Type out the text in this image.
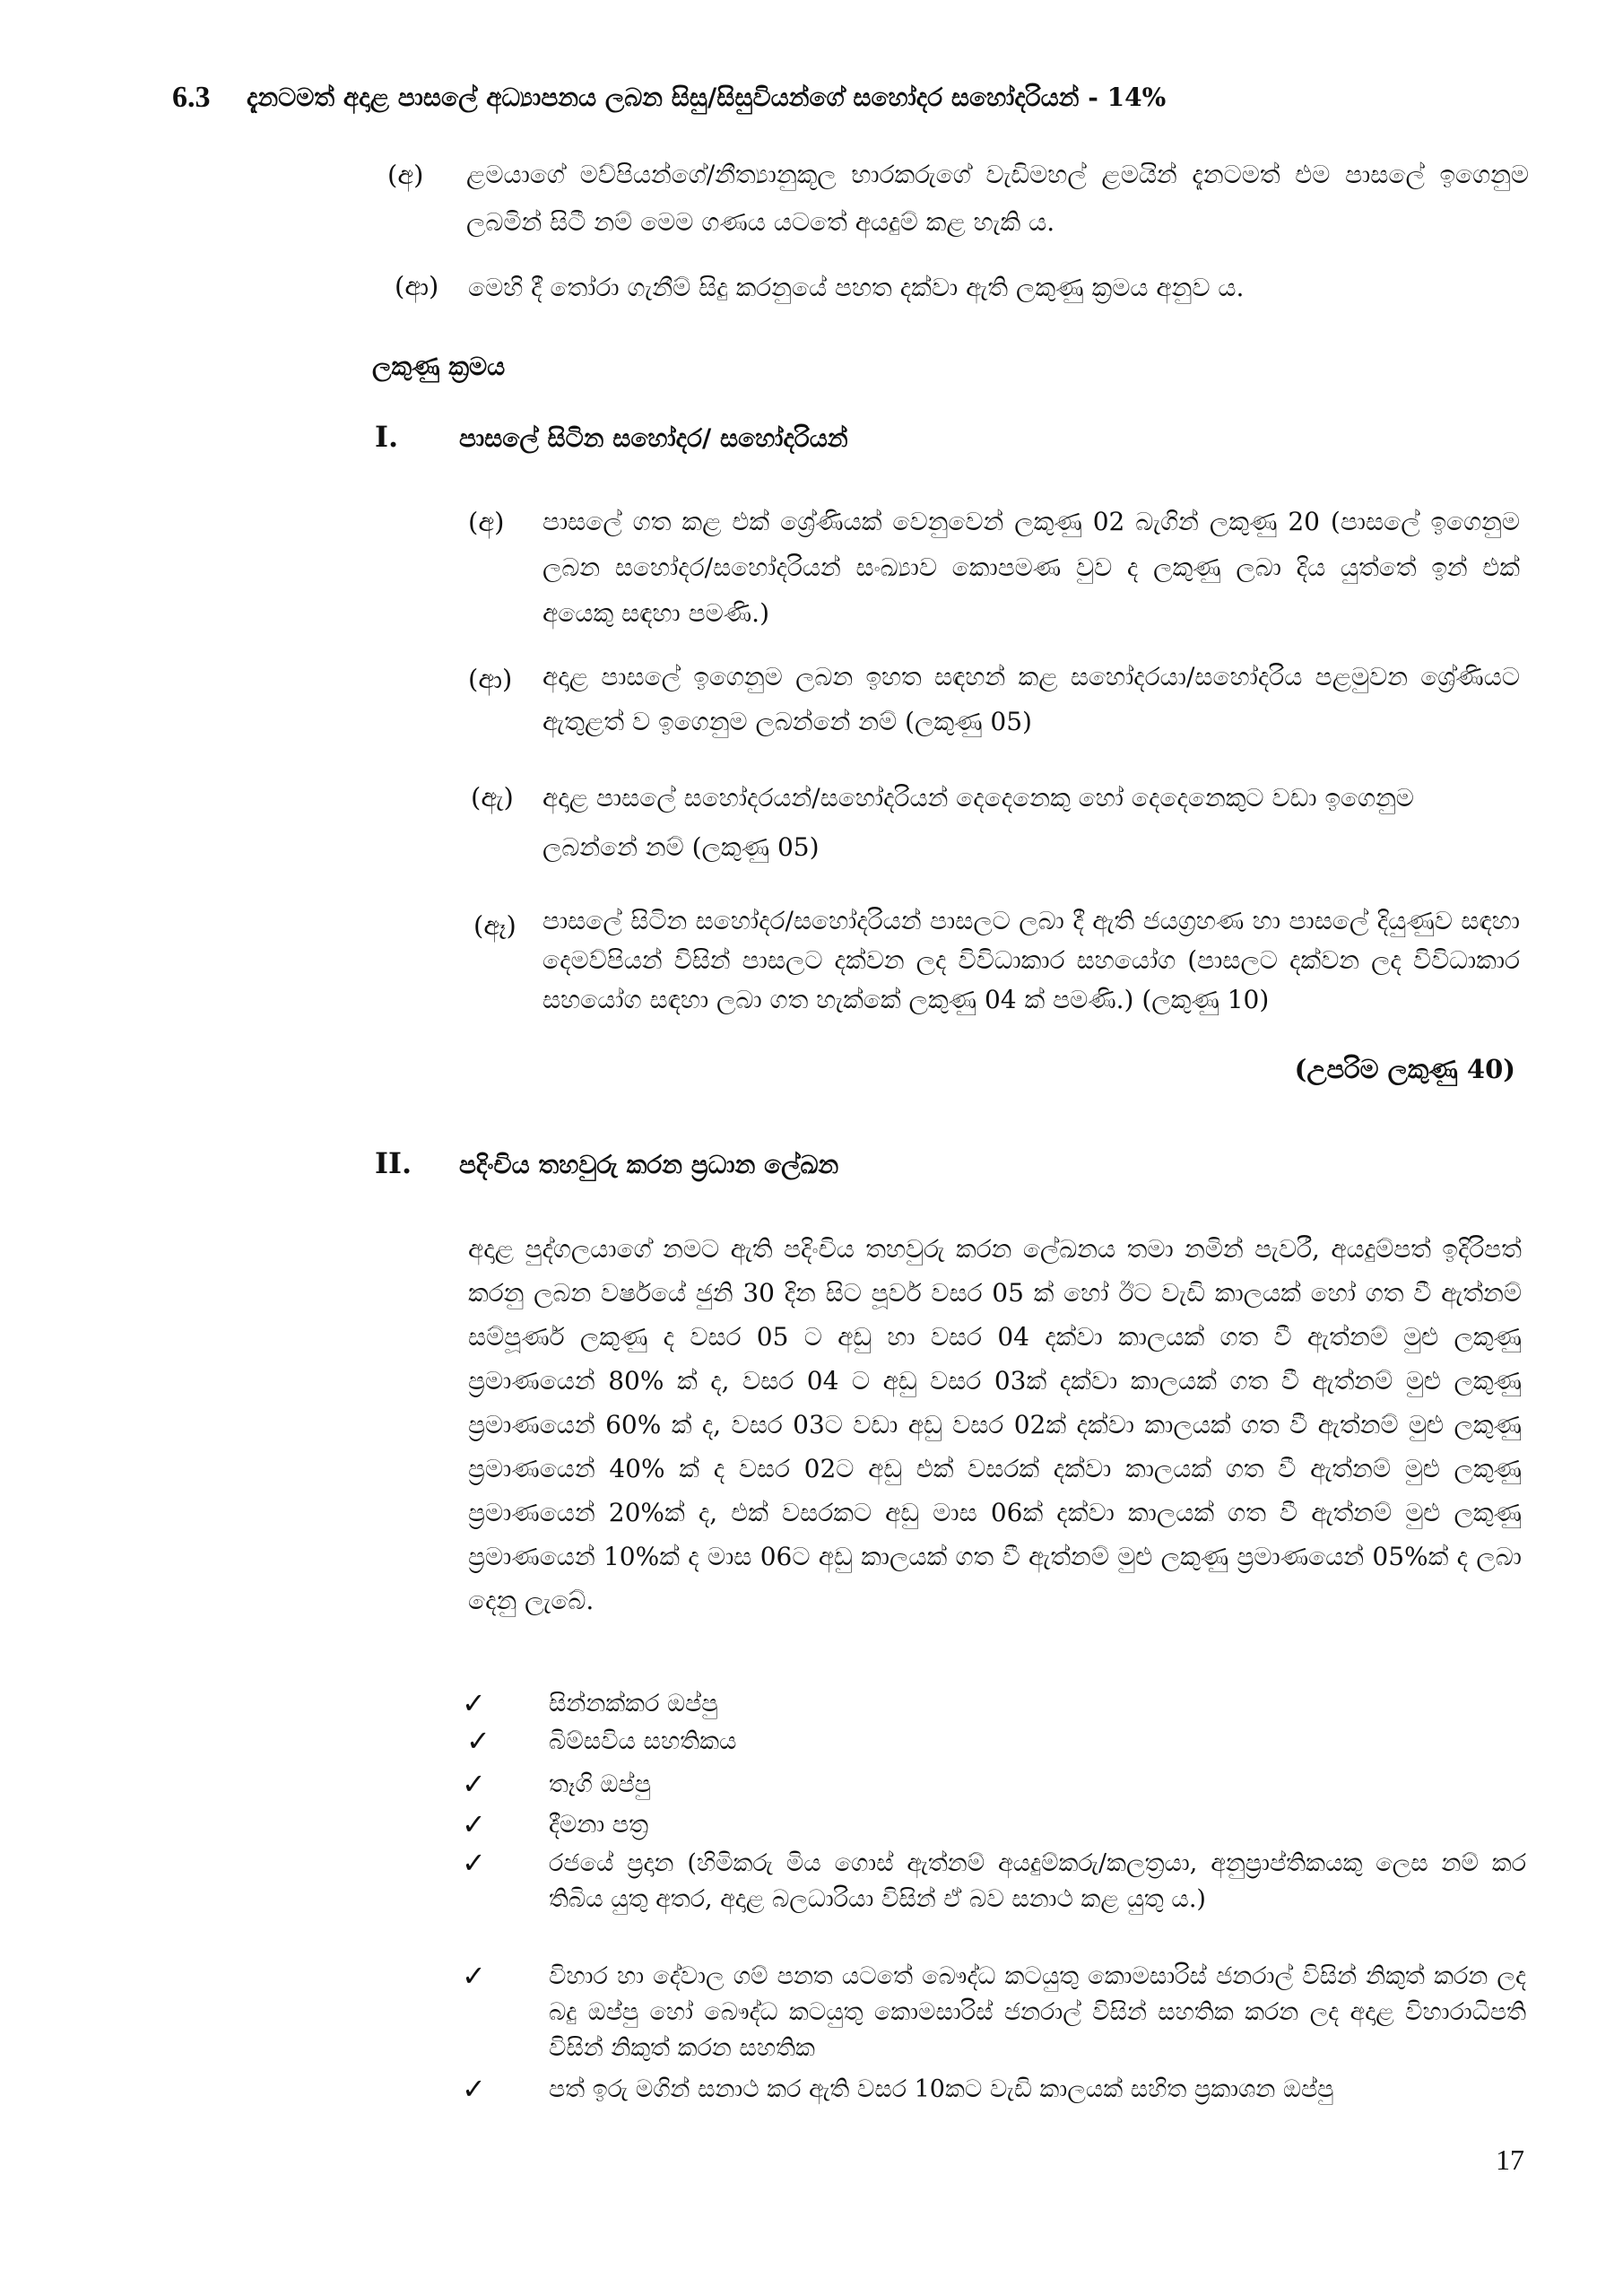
6.3 දැනටමත් අදාළ පාසලේ අධ්‍යාපනය ලබන සිසු/සිසුවියන්ගේ සහෝදර සහෝදරියන් - 14%
(අ) ළමයාගේ මව්පියන්ගේ/නීත්‍යානුකූල භාරකරුගේ වැඩිමහල් ළමයින් දැනටමත් එම පාසලේ ඉගෙනුම ලබමින් සිටී නම් මෙම ගණය යටතේ අයදුම් කළ හැකි ය.
(ආ) මෙහි දී තෝරා ගැනීම් සිදු කරනුයේ පහත දක්වා ඇති ලකුණු ක්‍රමය අනුව ය.
ලකුණු ක්‍රමය
I. පාසලේ සිටින සහෝදර/ සහෝදරියන්
(අ) පාසලේ ගත කළ එක් ශ්‍රේණියක් වෙනුවෙන් ලකුණු 02 බැගින් ලකුණු 20 (පාසලේ ඉගෙනුම ලබන සහෝදර/සහෝදරියන් සංඛ්‍යාව කොපමණ වුව ද ලකුණු ලබා දිය යුත්තේ ඉන් එක් අයෙකු සඳහා පමණි.)
(ආ) අදාළ පාසලේ ඉගෙනුම ලබන ඉහත සඳහන් කළ සහෝදරයා/සහෝදරිය පළමුවන ශ්‍රේණියට ඇතුළත් ව ඉගෙනුම ලබන්නේ නම් (ලකුණු 05)
(ඇ) අදාළ පාසලේ සහෝදරයන්/සහෝදරියන් දෙදෙනෙකු හෝ දෙදෙනෙකුට වඩා ඉගෙනුම ලබන්නේ නම් (ලකුණු 05)
(ඈ) පාසලේ සිටින සහෝදර/සහෝදරියන් පාසලට ලබා දී ඇති ජයග්‍රහණ හා පාසලේ දියුණුව සඳහා දෙමව්පියන් විසින් පාසලට දක්වන ලද විවිධාකාර සහයෝග (පාසලට දක්වන ලද විවිධාකාර සහයෝග සඳහා ලබා ගත හැක්කේ ලකුණු 04 ක් පමණි.) (ලකුණු 10)
(උපරිම ලකුණු 40)
II. පදිංචිය තහවුරු කරන ප්‍රධාන ලේඛන
අදාළ පුද්ගලයාගේ නමට ඇති පදිංචිය තහවුරු කරන ලේඛනය තමා නමින් පැවරී, අයදුම්පත් ඉදිරිපත් කරනු ලබන වර්ෂයේ ජුනි 30 දින සිට පූර්ව වසර 05 ක් හෝ ඊට වැඩි කාලයක් හෝ ගත වී ඇත්නම් සම්පූර්ණ ලකුණු ද වසර 05 ට අඩු හා වසර 04 දක්වා කාලයක් ගත වී ඇත්නම් මුළු ලකුණු ප්‍රමාණයෙන් 80% ක් ද, වසර 04 ට අඩු වසර 03ක් දක්වා කාලයක් ගත වී ඇත්නම් මුළු ලකුණු ප්‍රමාණයෙන් 60% ක් ද, වසර 03ට වඩා අඩු වසර 02ක් දක්වා කාලයක් ගත වී ඇත්නම් මුළු ලකුණු ප්‍රමාණයෙන් 40% ක් ද වසර 02ට අඩු එක් වසරක් දක්වා කාලයක් ගත වී ඇත්නම් මුළු ලකුණු ප්‍රමාණයෙන් 20%ක් ද, එක් වසරකට අඩු මාස 06ක් දක්වා කාලයක් ගත වී ඇත්නම් මුළු ලකුණු ප්‍රමාණයෙන් 10%ක් ද මාස 06ට අඩු කාලයක් ගත වී ඇත්නම් මුළු ලකුණු ප්‍රමාණයෙන් 05%ක් ද ලබා දෙනු ලැබේ.
✓	සින්නක්කර ඔප්පු
✓ බිම්සවිය සහතිකය
✓	තෑගි ඔප්පු
✓	දීමනා පත්‍ර
✓	රජයේ ප්‍රදාන (හිමිකරු මිය ගොස් ඇත්නම් අයදුම්කරු/කලත්‍රයා, අනුප්‍රාප්තිකයකු ලෙස නම් කර තිබිය යුතු අතර, අදාළ බලධාරියා විසින් ඒ බව සනාථ කළ යුතු ය.)
✓	විහාර හා දේවාල ගම් පනත යටතේ බෞද්ධ කටයුතු කොමසාරිස් ජනරාල් විසින් නිකුත් කරන ලද බදු ඔප්පු හෝ බෞද්ධ කටයුතු කොමසාරිස් ජනරාල් විසින් සහතික කරන ලද අදාළ විහාරාධිපති විසින් නිකුත් කරන සහතික
✓	පත් ඉරු මගින් සනාථ කර ඇති වසර 10කට වැඩි කාලයක් සහිත ප්‍රකාශන ඔප්පු
17
